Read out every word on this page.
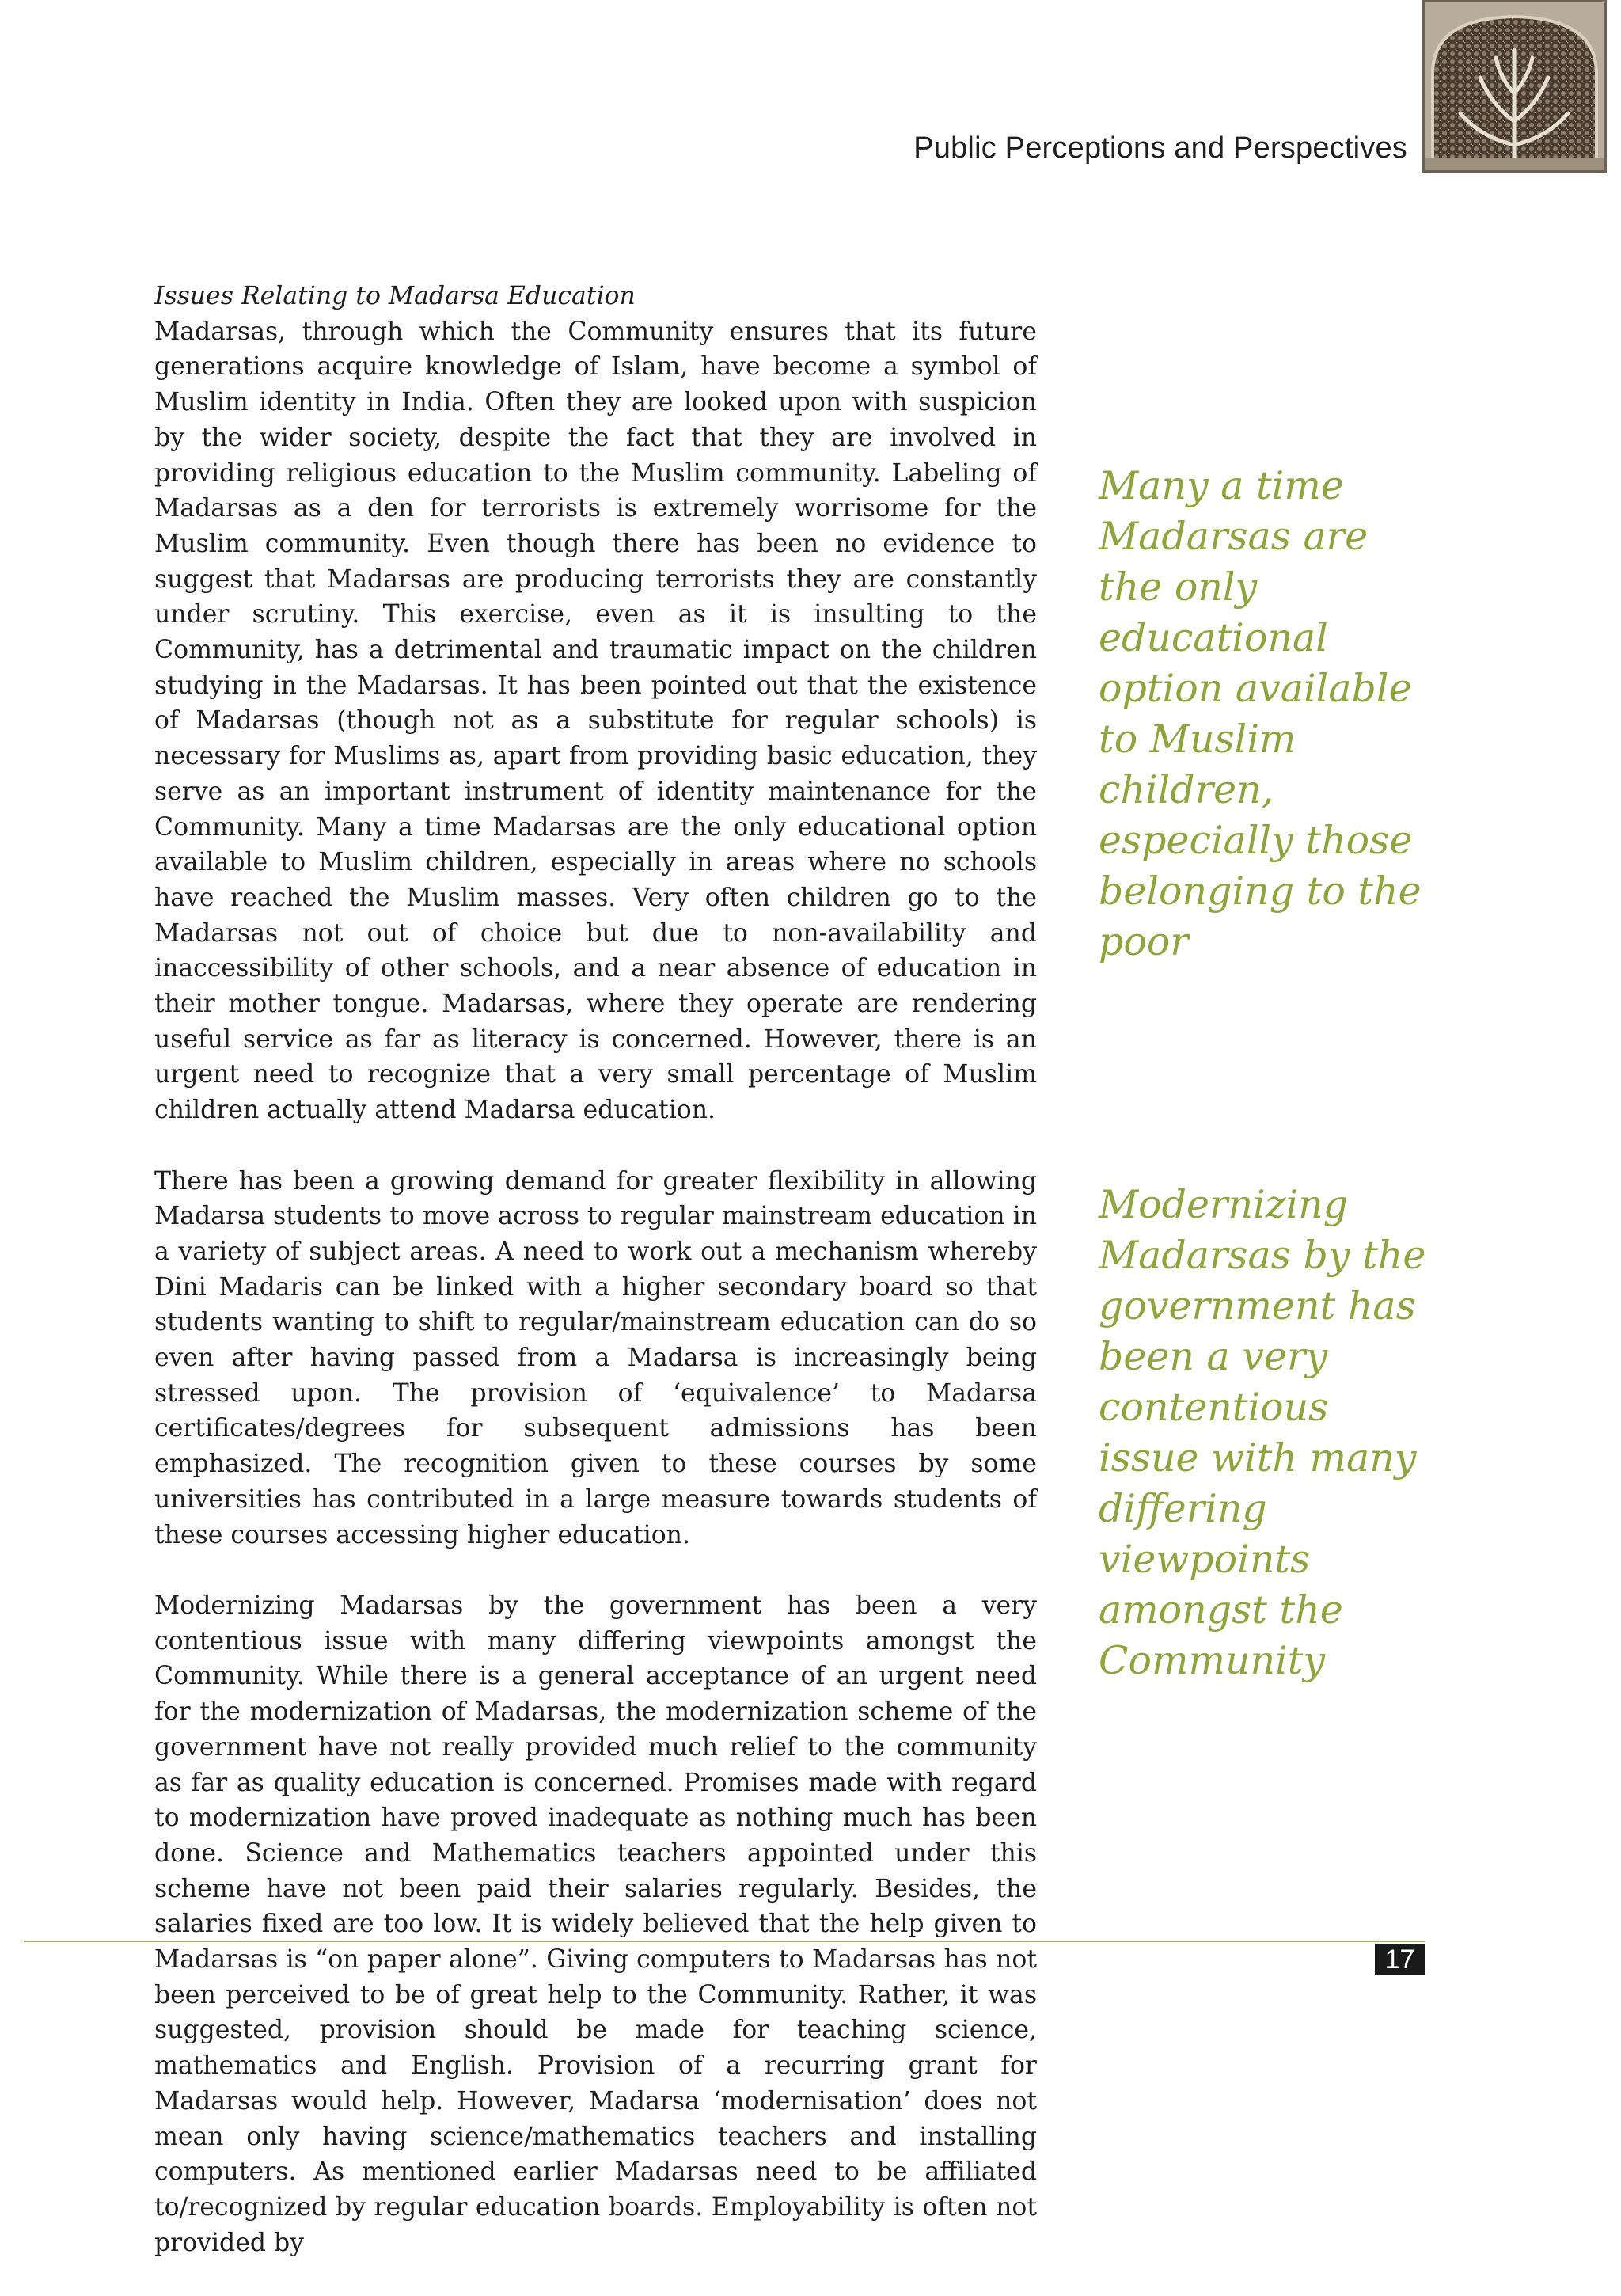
Public Perceptions and Perspectives
Issues Relating to Madarsa Education

Madarsas, through which the Community ensures that its future generations acquire knowledge of Islam, have become a symbol of Muslim identity in India. Often they are looked upon with suspicion by the wider society, despite the fact that they are involved in providing religious education to the Muslim community. Labeling of Madarsas as a den for terrorists is extremely worrisome for the Muslim community. Even though there has been no evidence to suggest that Madarsas are producing terrorists they are constantly under scrutiny. This exercise, even as it is insulting to the Community, has a detrimental and traumatic impact on the children studying in the Madarsas. It has been pointed out that the existence of Madarsas (though not as a substitute for regular schools) is necessary for Muslims as, apart from providing basic education, they serve as an important instrument of identity maintenance for the Community. Many a time Madarsas are the only educational option available to Muslim children, especially in areas where no schools have reached the Muslim masses. Very often children go to the Madarsas not out of choice but due to non-availability and inaccessibility of other schools, and a near absence of education in their mother tongue. Madarsas, where they operate are rendering useful service as far as literacy is concerned. However, there is an urgent need to recognize that a very small percentage of Muslim children actually attend Madarsa education.

There has been a growing demand for greater flexibility in allowing Madarsa students to move across to regular mainstream education in a variety of subject areas. A need to work out a mechanism whereby Dini Madaris can be linked with a higher secondary board so that students wanting to shift to regular/mainstream education can do so even after having passed from a Madarsa is increasingly being stressed upon. The provision of ‘equivalence’ to Madarsa certificates/degrees for subsequent admissions has been emphasized. The recognition given to these courses by some universities has contributed in a large measure towards students of these courses accessing higher education.

Modernizing Madarsas by the government has been a very contentious issue with many differing viewpoints amongst the Community. While there is a general acceptance of an urgent need for the modernization of Madarsas, the modernization scheme of the government have not really provided much relief to the community as far as quality education is concerned. Promises made with regard to modernization have proved inadequate as nothing much has been done. Science and Mathematics teachers appointed under this scheme have not been paid their salaries regularly. Besides, the salaries fixed are too low. It is widely believed that the help given to Madarsas is “on paper alone”. Giving computers to Madarsas has not been perceived to be of great help to the Community. Rather, it was suggested, provision should be made for teaching science, mathematics and English. Provision of a recurring grant for Madarsas would help. However, Madarsa ‘modernisation’ does not mean only having science/mathematics teachers and installing computers. As mentioned earlier Madarsas need to be affiliated to/recognized by regular education boards. Employability is often not provided by

Many a time Madarsas are the only educational option available to Muslim children, especially those belonging to the poor

Modernizing Madarsas by the government has been a very contentious issue with many differing viewpoints amongst the Community

17
